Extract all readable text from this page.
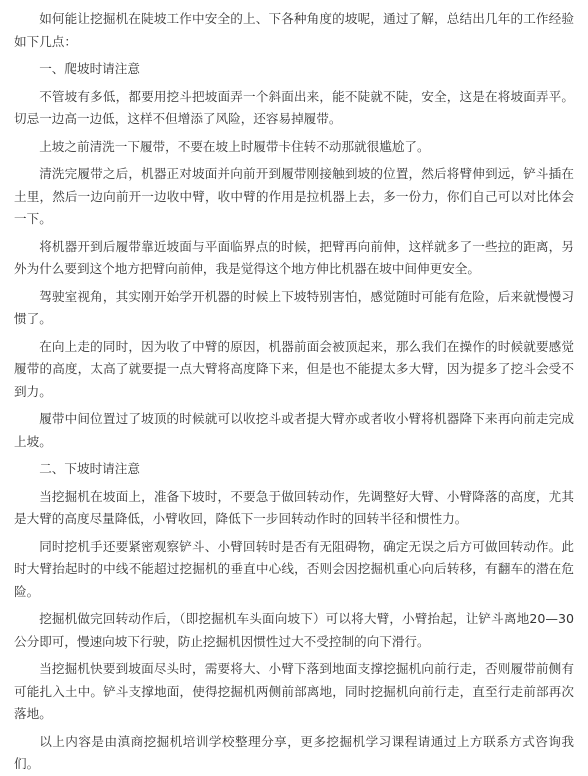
如何能让挖掘机在陡坡工作中安全的上、下各种角度的坡呢，通过了解，总结出几年的工作经验如下几点：

一、爬坡时请注意

不管坡有多低，都要用挖斗把坡面弄一个斜面出来，能不陡就不陡，安全，这是在将坡面弄平。切忌一边高一边低，这样不但增添了风险，还容易掉履带。

上坡之前清洗一下履带，不要在坡上时履带卡住转不动那就很尴尬了。

清洗完履带之后，机器正对坡面并向前开到履带刚接触到坡的位置，然后将臂伸到远，铲斗插在土里，然后一边向前开一边收中臂，收中臂的作用是拉机器上去，多一份力，你们自己可以对比体会一下。

将机器开到后履带靠近坡面与平面临界点的时候，把臂再向前伸，这样就多了一些拉的距离，另外为什么要到这个地方把臂向前伸，我是觉得这个地方伸比机器在坡中间伸更安全。

驾驶室视角，其实刚开始学开机器的时候上下坡特别害怕，感觉随时可能有危险，后来就慢慢习惯了。

在向上走的同时，因为收了中臂的原因，机器前面会被顶起来，那么我们在操作的时候就要感觉履带的高度，太高了就要提一点大臂将高度降下来，但是也不能提太多大臂，因为提多了挖斗会受不到力。

履带中间位置过了坡顶的时候就可以收挖斗或者提大臂亦或者收小臂将机器降下来再向前走完成上坡。

二、下坡时请注意

当挖掘机在坡面上，准备下坡时，不要急于做回转动作，先调整好大臂、小臂降落的高度，尤其是大臂的高度尽量降低，小臂收回，降低下一步回转动作时的回转半径和惯性力。

同时挖机手还要紧密观察铲斗、小臂回转时是否有无阻碍物，确定无误之后方可做回转动作。此时大臂抬起时的中线不能超过挖掘机的垂直中心线，否则会因挖掘机重心向后转移，有翻车的潜在危险。

挖掘机做完回转动作后，（即挖掘机车头面向坡下）可以将大臂，小臂抬起，让铲斗离地20—30公分即可，慢速向坡下行驶，防止挖掘机因惯性过大不受控制的向下滑行。

当挖掘机快要到坡面尽头时，需要将大、小臂下落到地面支撑挖掘机向前行走，否则履带前侧有可能扎入土中。铲斗支撑地面，使得挖掘机两侧前部离地，同时挖掘机向前行走，直至行走前部再次落地。

以上内容是由滇商挖掘机培训学校整理分享，更多挖掘机学习课程请通过上方联系方式咨询我们。
